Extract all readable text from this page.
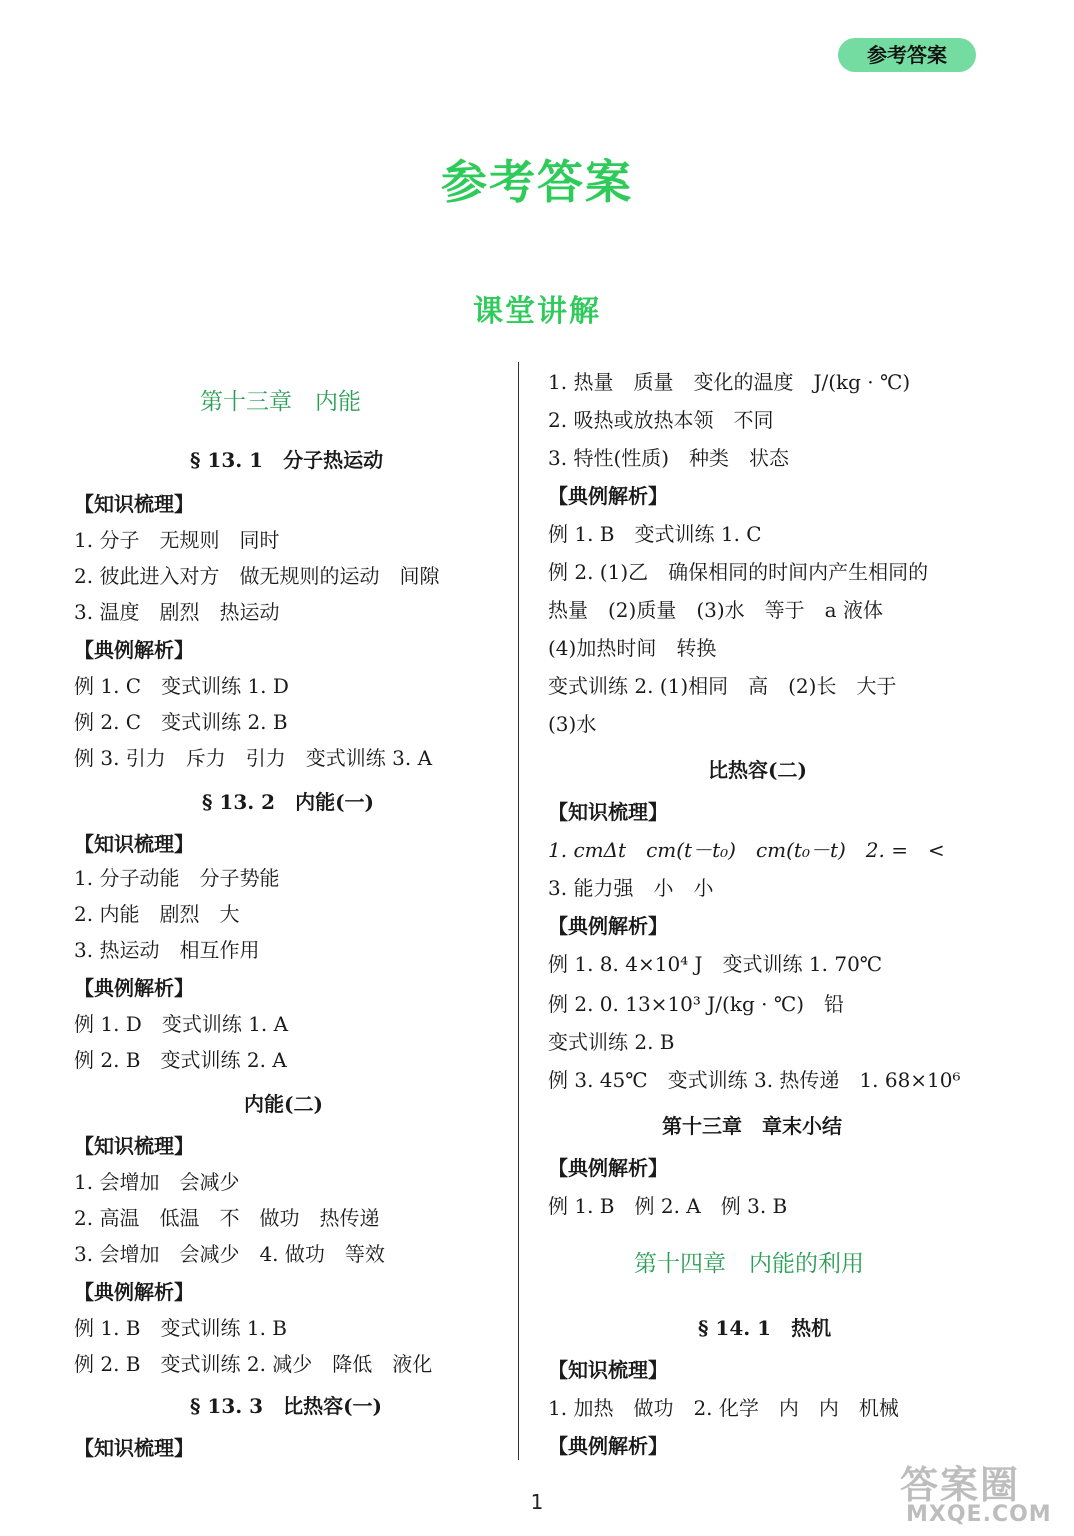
参考答案
参考答案
课堂讲解
第十三章　内能
§ 13. 1　分子热运动
【知识梳理】
1. 分子　无规则　同时
2. 彼此进入对方　做无规则的运动　间隙
3. 温度　剧烈　热运动
【典例解析】
例 1. C　变式训练 1. D
例 2. C　变式训练 2. B
例 3. 引力　斥力　引力　变式训练 3. A
§ 13. 2　内能(一)
【知识梳理】
1. 分子动能　分子势能
2. 内能　剧烈　大
3. 热运动　相互作用
【典例解析】
例 1. D　变式训练 1. A
例 2. B　变式训练 2. A
内能(二)
【知识梳理】
1. 会增加　会减少
2. 高温　低温　不　做功　热传递
3. 会增加　会减少　4. 做功　等效
【典例解析】
例 1. B　变式训练 1. B
例 2. B　变式训练 2. 减少　降低　液化
§ 13. 3　比热容(一)
【知识梳理】
1. 热量　质量　变化的温度　J/(kg · ℃)
2. 吸热或放热本领　不同
3. 特性(性质)　种类　状态
【典例解析】
例 1. B　变式训练 1. C
例 2. (1)乙　确保相同的时间内产生相同的
热量　(2)质量　(3)水　等于　a 液体
(4)加热时间　转换
变式训练 2. (1)相同　高　(2)长　大于
(3)水
比热容(二)
【知识梳理】
1. cmΔt　cm(t－t₀)　cm(t₀－t)　2. =　<
3. 能力强　小　小
【典例解析】
例 1. 8. 4×10⁴ J　变式训练 1. 70℃
例 2. 0. 13×10³ J/(kg · ℃)　铅
变式训练 2. B
例 3. 45℃　变式训练 3. 热传递　1. 68×10⁶
第十三章　章末小结
【典例解析】
例 1. B　例 2. A　例 3. B
第十四章　内能的利用
§ 14. 1　热机
【知识梳理】
1. 加热　做功　2. 化学　内　内　机械
【典例解析】
1	答案圈
MXQE.COM
